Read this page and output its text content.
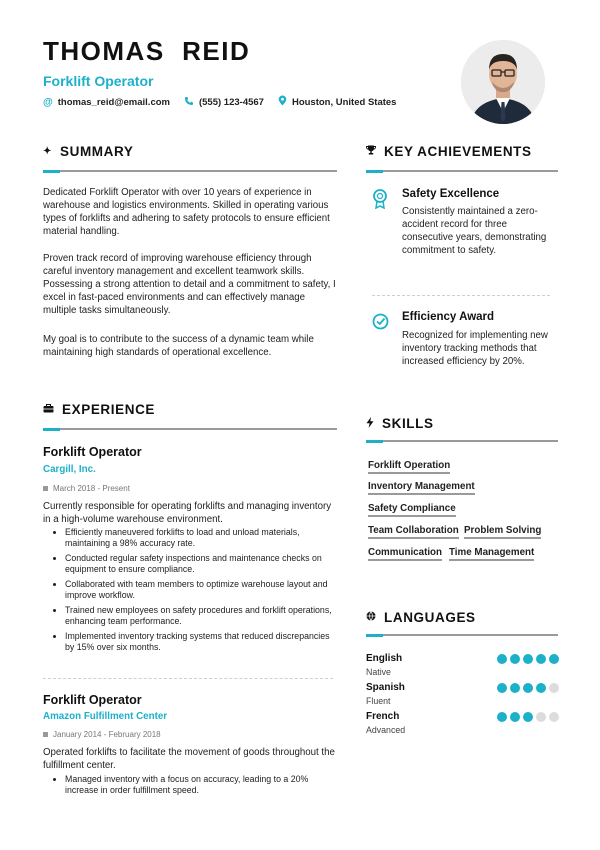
THOMAS  REID
Forklift Operator
@ thomas_reid@email.com	(555) 123-4567	Houston, United States
✦ SUMMARY
Dedicated Forklift Operator with over 10 years of experience in warehouse and logistics environments. Skilled in operating various types of forklifts and adhering to safety protocols to ensure efficient material handling.
Proven track record of improving warehouse efficiency through careful inventory management and excellent teamwork skills. Possessing a strong attention to detail and a commitment to safety, I excel in fast-paced environments and can effectively manage multiple tasks simultaneously.
My goal is to contribute to the success of a dynamic team while maintaining high standards of operational excellence.
EXPERIENCE
Forklift Operator
Cargill, Inc.
March 2018 - Present
Currently responsible for operating forklifts and managing inventory in a high-volume warehouse environment.
• Efficiently maneuvered forklifts to load and unload materials, maintaining a 98% accuracy rate.
• Conducted regular safety inspections and maintenance checks on equipment to ensure compliance.
• Collaborated with team members to optimize warehouse layout and improve workflow.
• Trained new employees on safety procedures and forklift operations, enhancing team performance.
• Implemented inventory tracking systems that reduced discrepancies by 15% over six months.
Forklift Operator
Amazon Fulfillment Center
January 2014 - February 2018
Operated forklifts to facilitate the movement of goods throughout the fulfillment center.
• Managed inventory with a focus on accuracy, leading to a 20% increase in order fulfillment speed.
KEY ACHIEVEMENTS
Safety Excellence
Consistently maintained a zero-accident record for three consecutive years, demonstrating commitment to safety.
Efficiency Award
Recognized for implementing new inventory tracking methods that increased efficiency by 20%.
SKILLS
Forklift Operation
Inventory Management
Safety Compliance
Team Collaboration Problem Solving
Communication Time Management
LANGUAGES
English
Native
Spanish
Fluent
French
Advanced
